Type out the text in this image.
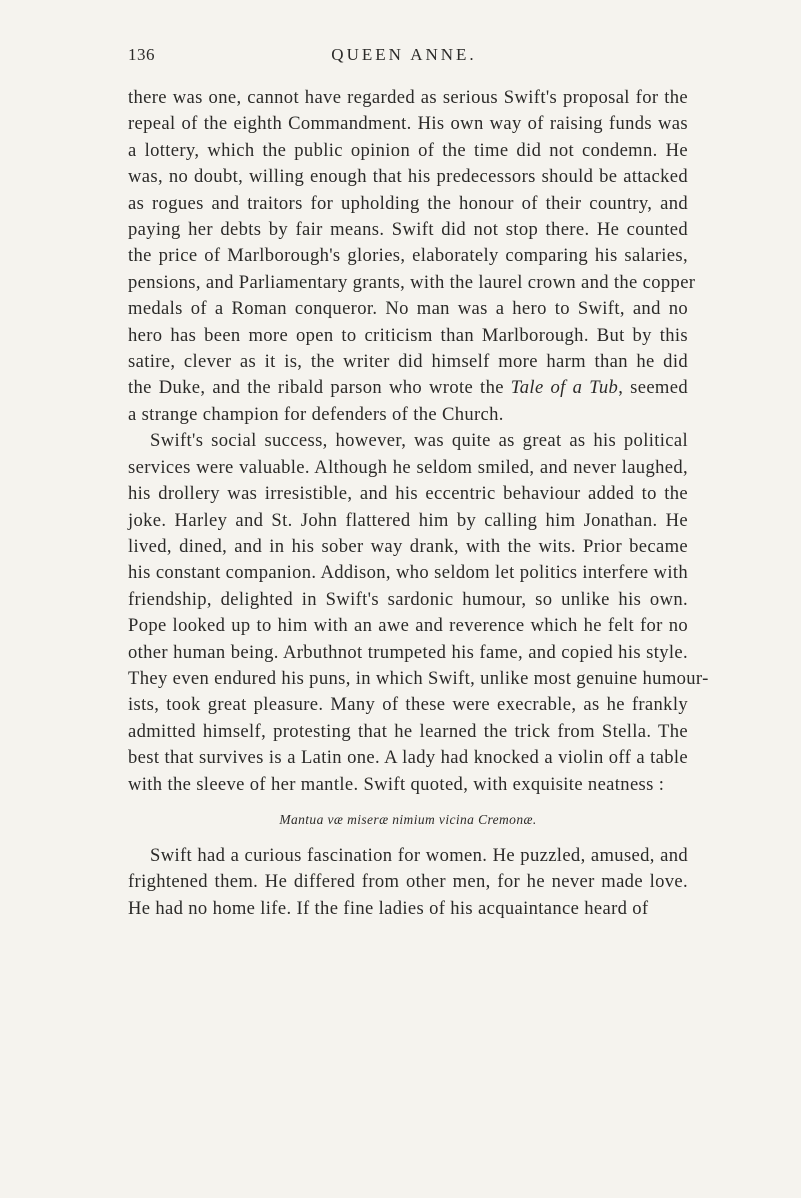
136	QUEEN ANNE.

there was one, cannot have regarded as serious Swift's proposal for the
repeal of the eighth Commandment. His own way of raising funds was
a lottery, which the public opinion of the time did not condemn. He
was, no doubt, willing enough that his predecessors should be attacked
as rogues and traitors for upholding the honour of their country, and
paying her debts by fair means. Swift did not stop there. He counted
the price of Marlborough's glories, elaborately comparing his salaries,
pensions, and Parliamentary grants, with the laurel crown and the copper
medals of a Roman conqueror. No man was a hero to Swift, and no
hero has been more open to criticism than Marlborough. But by this
satire, clever as it is, the writer did himself more harm than he did
the Duke, and the ribald parson who wrote the Tale of a Tub, seemed
a strange champion for defenders of the Church.

Swift's social success, however, was quite as great as his political
services were valuable. Although he seldom smiled, and never laughed,
his drollery was irresistible, and his eccentric behaviour added to the
joke. Harley and St. John flattered him by calling him Jonathan. He
lived, dined, and in his sober way drank, with the wits. Prior became
his constant companion. Addison, who seldom let politics interfere with
friendship, delighted in Swift's sardonic humour, so unlike his own.
Pope looked up to him with an awe and reverence which he felt for no
other human being. Arbuthnot trumpeted his fame, and copied his style.
They even endured his puns, in which Swift, unlike most genuine humour-
ists, took great pleasure. Many of these were execrable, as he frankly
admitted himself, protesting that he learned the trick from Stella. The
best that survives is a Latin one. A lady had knocked a violin off a table
with the sleeve of her mantle. Swift quoted, with exquisite neatness :

Mantua væ miseræ nimium vicina Cremonæ.

Swift had a curious fascination for women. He puzzled, amused, and
frightened them. He differed from other men, for he never made love.
He had no home life. If the fine ladies of his acquaintance heard of
